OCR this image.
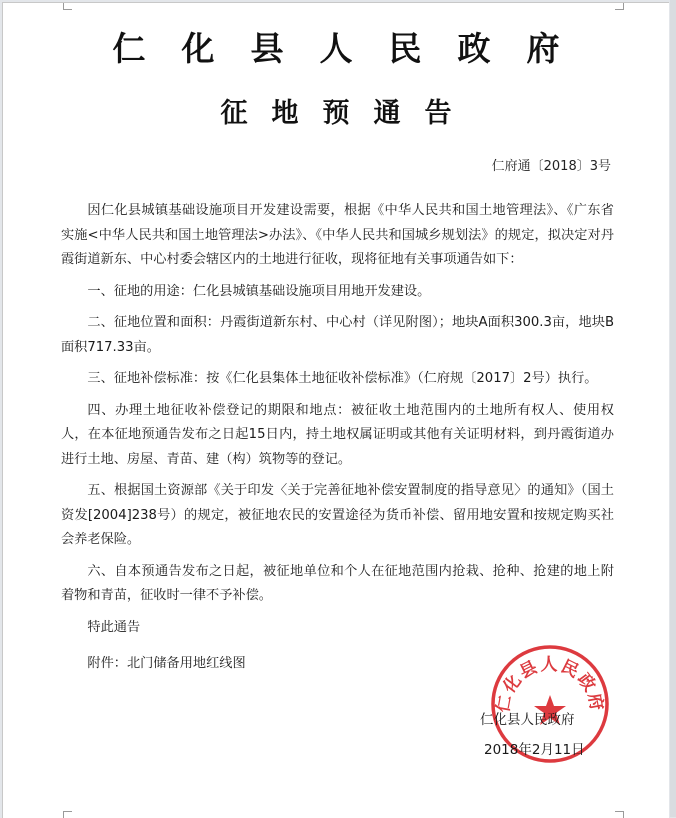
仁化县人民政府
征地预通告
仁府通〔2018〕3号

因仁化县城镇基础设施项目开发建设需要，根据《中华人民共和国土地管理法》、《广东省实施<中华人民共和国土地管理法>办法》、《中华人民共和国城乡规划法》的规定，拟决定对丹霞街道新东、中心村委会辖区内的土地进行征收，现将征地有关事项通告如下：

一、征地的用途：仁化县城镇基础设施项目用地开发建设。

二、征地位置和面积：丹霞街道新东村、中心村（详见附图）；地块A面积300.3亩，地块B面积717.33亩。

三、征地补偿标准：按《仁化县集体土地征收补偿标准》（仁府规〔2017〕2号）执行。

四、办理土地征收补偿登记的期限和地点：被征收土地范围内的土地所有权人、使用权人，在本征地预通告发布之日起15日内，持土地权属证明或其他有关证明材料，到丹霞街道办进行土地、房屋、青苗、建（构）筑物等的登记。

五、根据国土资源部《关于印发〈关于完善征地补偿安置制度的指导意见〉的通知》（国土资发[2004]238号）的规定，被征地农民的安置途径为货币补偿、留用地安置和按规定购买社会养老保险。

六、自本预通告发布之日起，被征地单位和个人在征地范围内抢栽、抢种、抢建的地上附着物和青苗，征收时一律不予补偿。

特此通告

附件：北门储备用地红线图

仁化县人民政府
仁化县人民政府
2018年2月11日
